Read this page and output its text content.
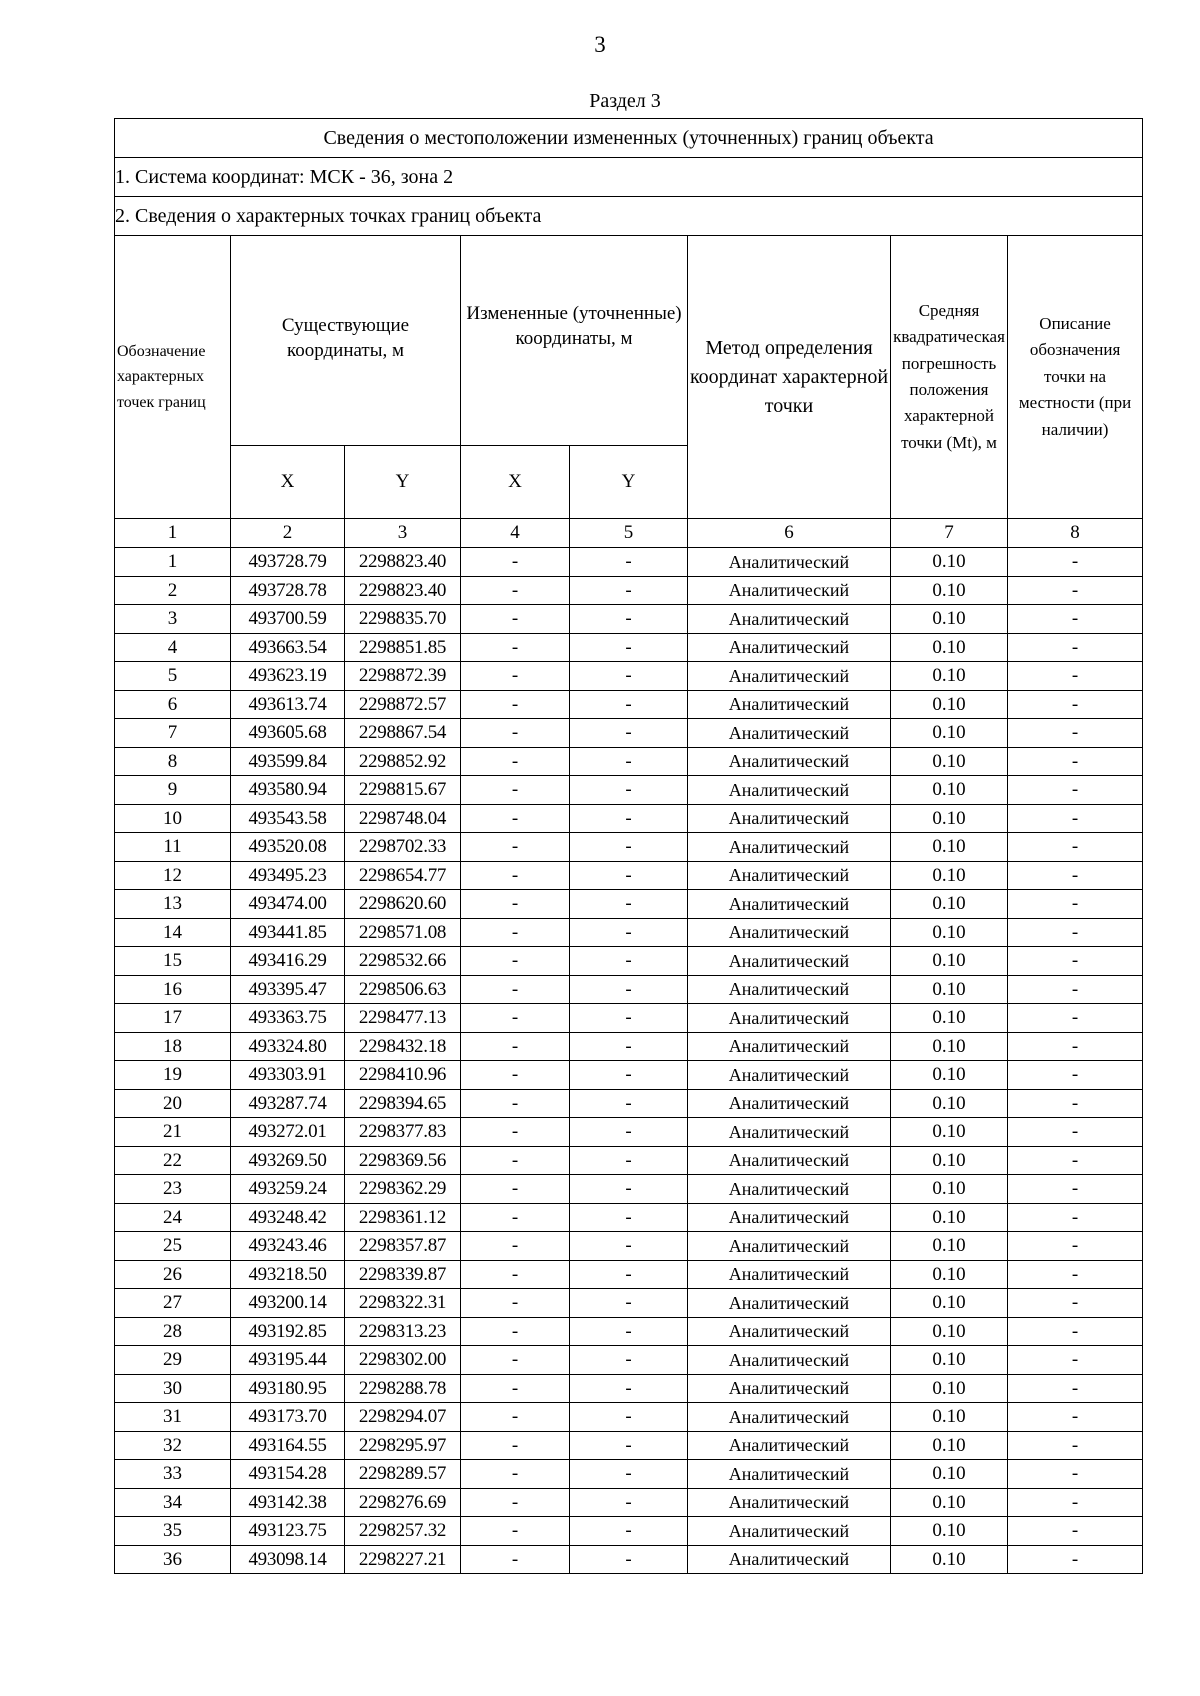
3
Раздел 3
Сведения о местоположении измененных (уточненных) границ объекта							
1. Система координат: МСК - 36, зона 2							
2. Сведения о характерных точках границ объекта							
Обозначение характерных точек границ	Существующие координаты, м		Измененные (уточненные) координаты, м		Метод определения координат характерной точки	Средняя квадратическая погрешность положения характерной точки (Mt), м	Описание обозначения точки на местности (при наличии)
	X	Y	X	Y			
1	2	3	4	5	6	7	8
1	493728.79	2298823.40	-	-	Аналитический	0.10	-
2	493728.78	2298823.40	-	-	Аналитический	0.10	-
3	493700.59	2298835.70	-	-	Аналитический	0.10	-
4	493663.54	2298851.85	-	-	Аналитический	0.10	-
5	493623.19	2298872.39	-	-	Аналитический	0.10	-
6	493613.74	2298872.57	-	-	Аналитический	0.10	-
7	493605.68	2298867.54	-	-	Аналитический	0.10	-
8	493599.84	2298852.92	-	-	Аналитический	0.10	-
9	493580.94	2298815.67	-	-	Аналитический	0.10	-
10	493543.58	2298748.04	-	-	Аналитический	0.10	-
11	493520.08	2298702.33	-	-	Аналитический	0.10	-
12	493495.23	2298654.77	-	-	Аналитический	0.10	-
13	493474.00	2298620.60	-	-	Аналитический	0.10	-
14	493441.85	2298571.08	-	-	Аналитический	0.10	-
15	493416.29	2298532.66	-	-	Аналитический	0.10	-
16	493395.47	2298506.63	-	-	Аналитический	0.10	-
17	493363.75	2298477.13	-	-	Аналитический	0.10	-
18	493324.80	2298432.18	-	-	Аналитический	0.10	-
19	493303.91	2298410.96	-	-	Аналитический	0.10	-
20	493287.74	2298394.65	-	-	Аналитический	0.10	-
21	493272.01	2298377.83	-	-	Аналитический	0.10	-
22	493269.50	2298369.56	-	-	Аналитический	0.10	-
23	493259.24	2298362.29	-	-	Аналитический	0.10	-
24	493248.42	2298361.12	-	-	Аналитический	0.10	-
25	493243.46	2298357.87	-	-	Аналитический	0.10	-
26	493218.50	2298339.87	-	-	Аналитический	0.10	-
27	493200.14	2298322.31	-	-	Аналитический	0.10	-
28	493192.85	2298313.23	-	-	Аналитический	0.10	-
29	493195.44	2298302.00	-	-	Аналитический	0.10	-
30	493180.95	2298288.78	-	-	Аналитический	0.10	-
31	493173.70	2298294.07	-	-	Аналитический	0.10	-
32	493164.55	2298295.97	-	-	Аналитический	0.10	-
33	493154.28	2298289.57	-	-	Аналитический	0.10	-
34	493142.38	2298276.69	-	-	Аналитический	0.10	-
35	493123.75	2298257.32	-	-	Аналитический	0.10	-
36	493098.14	2298227.21	-	-	Аналитический	0.10	-
